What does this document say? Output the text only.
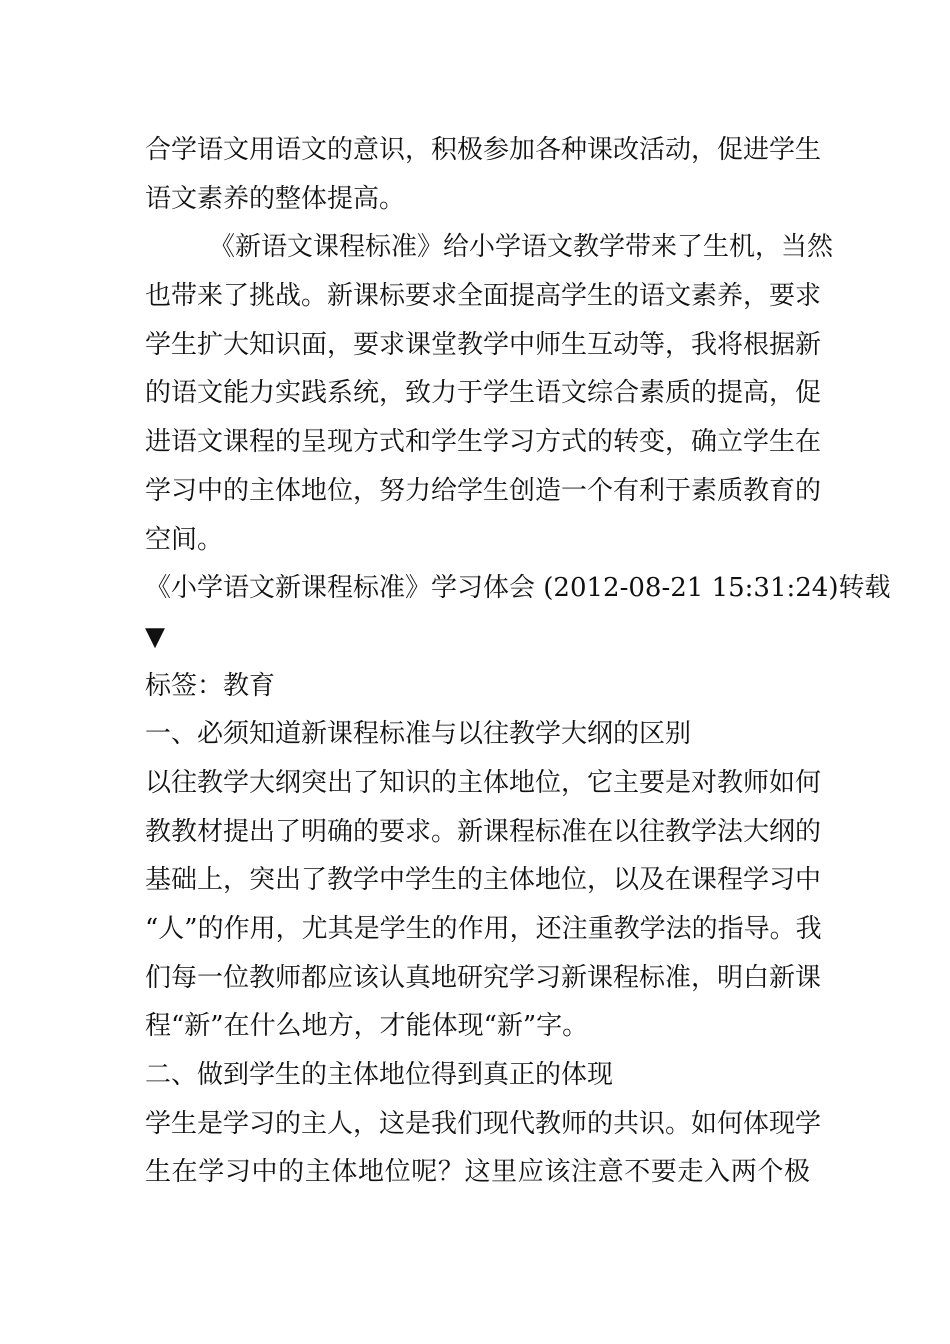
合学语文用语文的意识，积极参加各种课改活动，促进学生
语文素养的整体提高。
《新语文课程标准》给小学语文教学带来了生机，当然
也带来了挑战。新课标要求全面提高学生的语文素养，要求
学生扩大知识面，要求课堂教学中师生互动等，我将根据新
的语文能力实践系统，致力于学生语文综合素质的提高，促
进语文课程的呈现方式和学生学习方式的转变，确立学生在
学习中的主体地位，努力给学生创造一个有利于素质教育的
空间。
《小学语文新课程标准》学习体会 (2012-08-21 15:31:24)转载
▼
标签：教育
一、必须知道新课程标准与以往教学大纲的区别
以往教学大纲突出了知识的主体地位，它主要是对教师如何
教教材提出了明确的要求。新课程标准在以往教学法大纲的
基础上，突出了教学中学生的主体地位，以及在课程学习中
“人”的作用，尤其是学生的作用，还注重教学法的指导。我
们每一位教师都应该认真地研究学习新课程标准，明白新课
程“新”在什么地方，才能体现“新”字。
二、做到学生的主体地位得到真正的体现
学生是学习的主人，这是我们现代教师的共识。如何体现学
生在学习中的主体地位呢？这里应该注意不要走入两个极
